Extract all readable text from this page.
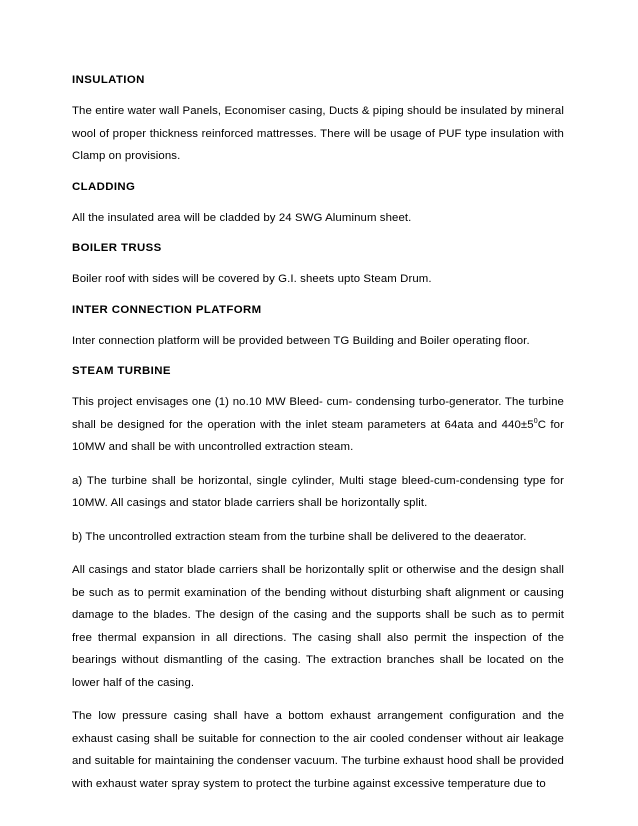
INSULATION

The entire water wall Panels, Economiser casing, Ducts & piping should be insulated by mineral wool of proper thickness reinforced mattresses. There will be usage of PUF type insulation with Clamp on provisions.

CLADDING

All the insulated area will be cladded by 24 SWG Aluminum sheet.

BOILER TRUSS

Boiler roof with sides will be covered by G.I. sheets upto Steam Drum.

INTER CONNECTION PLATFORM

Inter connection platform will be provided between TG Building and Boiler operating floor.

STEAM TURBINE

This project envisages one (1) no.10 MW Bleed- cum- condensing turbo-generator. The turbine shall be designed for the operation with the inlet steam parameters at 64ata and $440\pm 5^0C$ for 10MW and shall be with uncontrolled extraction steam.

a) The turbine shall be horizontal, single cylinder, Multi stage bleed-cum-condensing type for 10MW. All casings and stator blade carriers shall be horizontally split.

b) The uncontrolled extraction steam from the turbine shall be delivered to the deaerator.

All casings and stator blade carriers shall be horizontally split or otherwise and the design shall be such as to permit examination of the bending without disturbing shaft alignment or causing damage to the blades. The design of the casing and the supports shall be such as to permit free thermal expansion in all directions. The casing shall also permit the inspection of the bearings without dismantling of the casing. The extraction branches shall be located on the lower half of the casing.

The low pressure casing shall have a bottom exhaust arrangement configuration and the exhaust casing shall be suitable for connection to the air cooled condenser without air leakage and suitable for maintaining the condenser vacuum. The turbine exhaust hood shall be provided with exhaust water spray system to protect the turbine against excessive temperature due to
